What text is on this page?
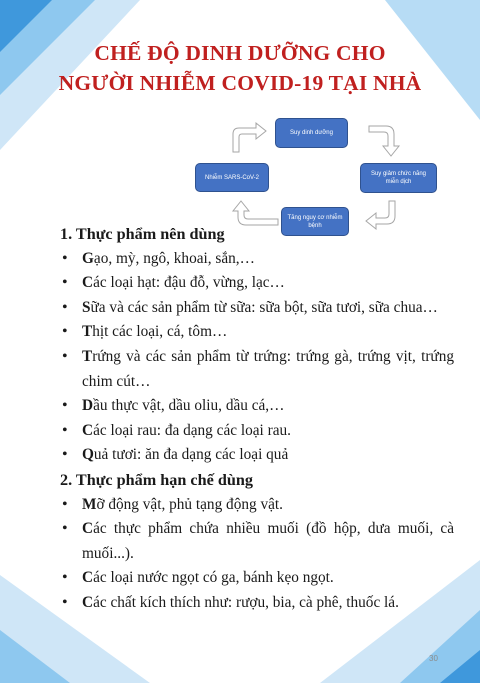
CHẾ ĐỘ DINH DƯỠNG CHO
NGƯỜI NHIỄM COVID-19 TẠI NHÀ
Suy dinh dưỡng
Suy giảm chức năng miễn dịch
Tăng nguy cơ nhiễm bệnh
Nhiễm SARS-CoV-2
1. Thực phẩm nên dùng
• Gạo, mỳ, ngô, khoai, sắn,…
• Các loại hạt: đậu đỗ, vừng, lạc…
• Sữa và các sản phẩm từ sữa: sữa bột, sữa tươi, sữa chua…
• Thịt các loại, cá, tôm…
• Trứng và các sản phẩm từ trứng: trứng gà, trứng vịt, trứng chim cút…
• Dầu thực vật, dầu oliu, dầu cá,…
• Các loại rau: đa dạng các loại rau.
• Quả tươi: ăn đa dạng các loại quả
2. Thực phẩm hạn chế dùng
• Mỡ động vật, phủ tạng động vật.
• Các thực phẩm chứa nhiều muối (đồ hộp, dưa muối, cà muối...).
• Các loại nước ngọt có ga, bánh kẹo ngọt.
• Các chất kích thích như: rượu, bia, cà phê, thuốc lá.
30
